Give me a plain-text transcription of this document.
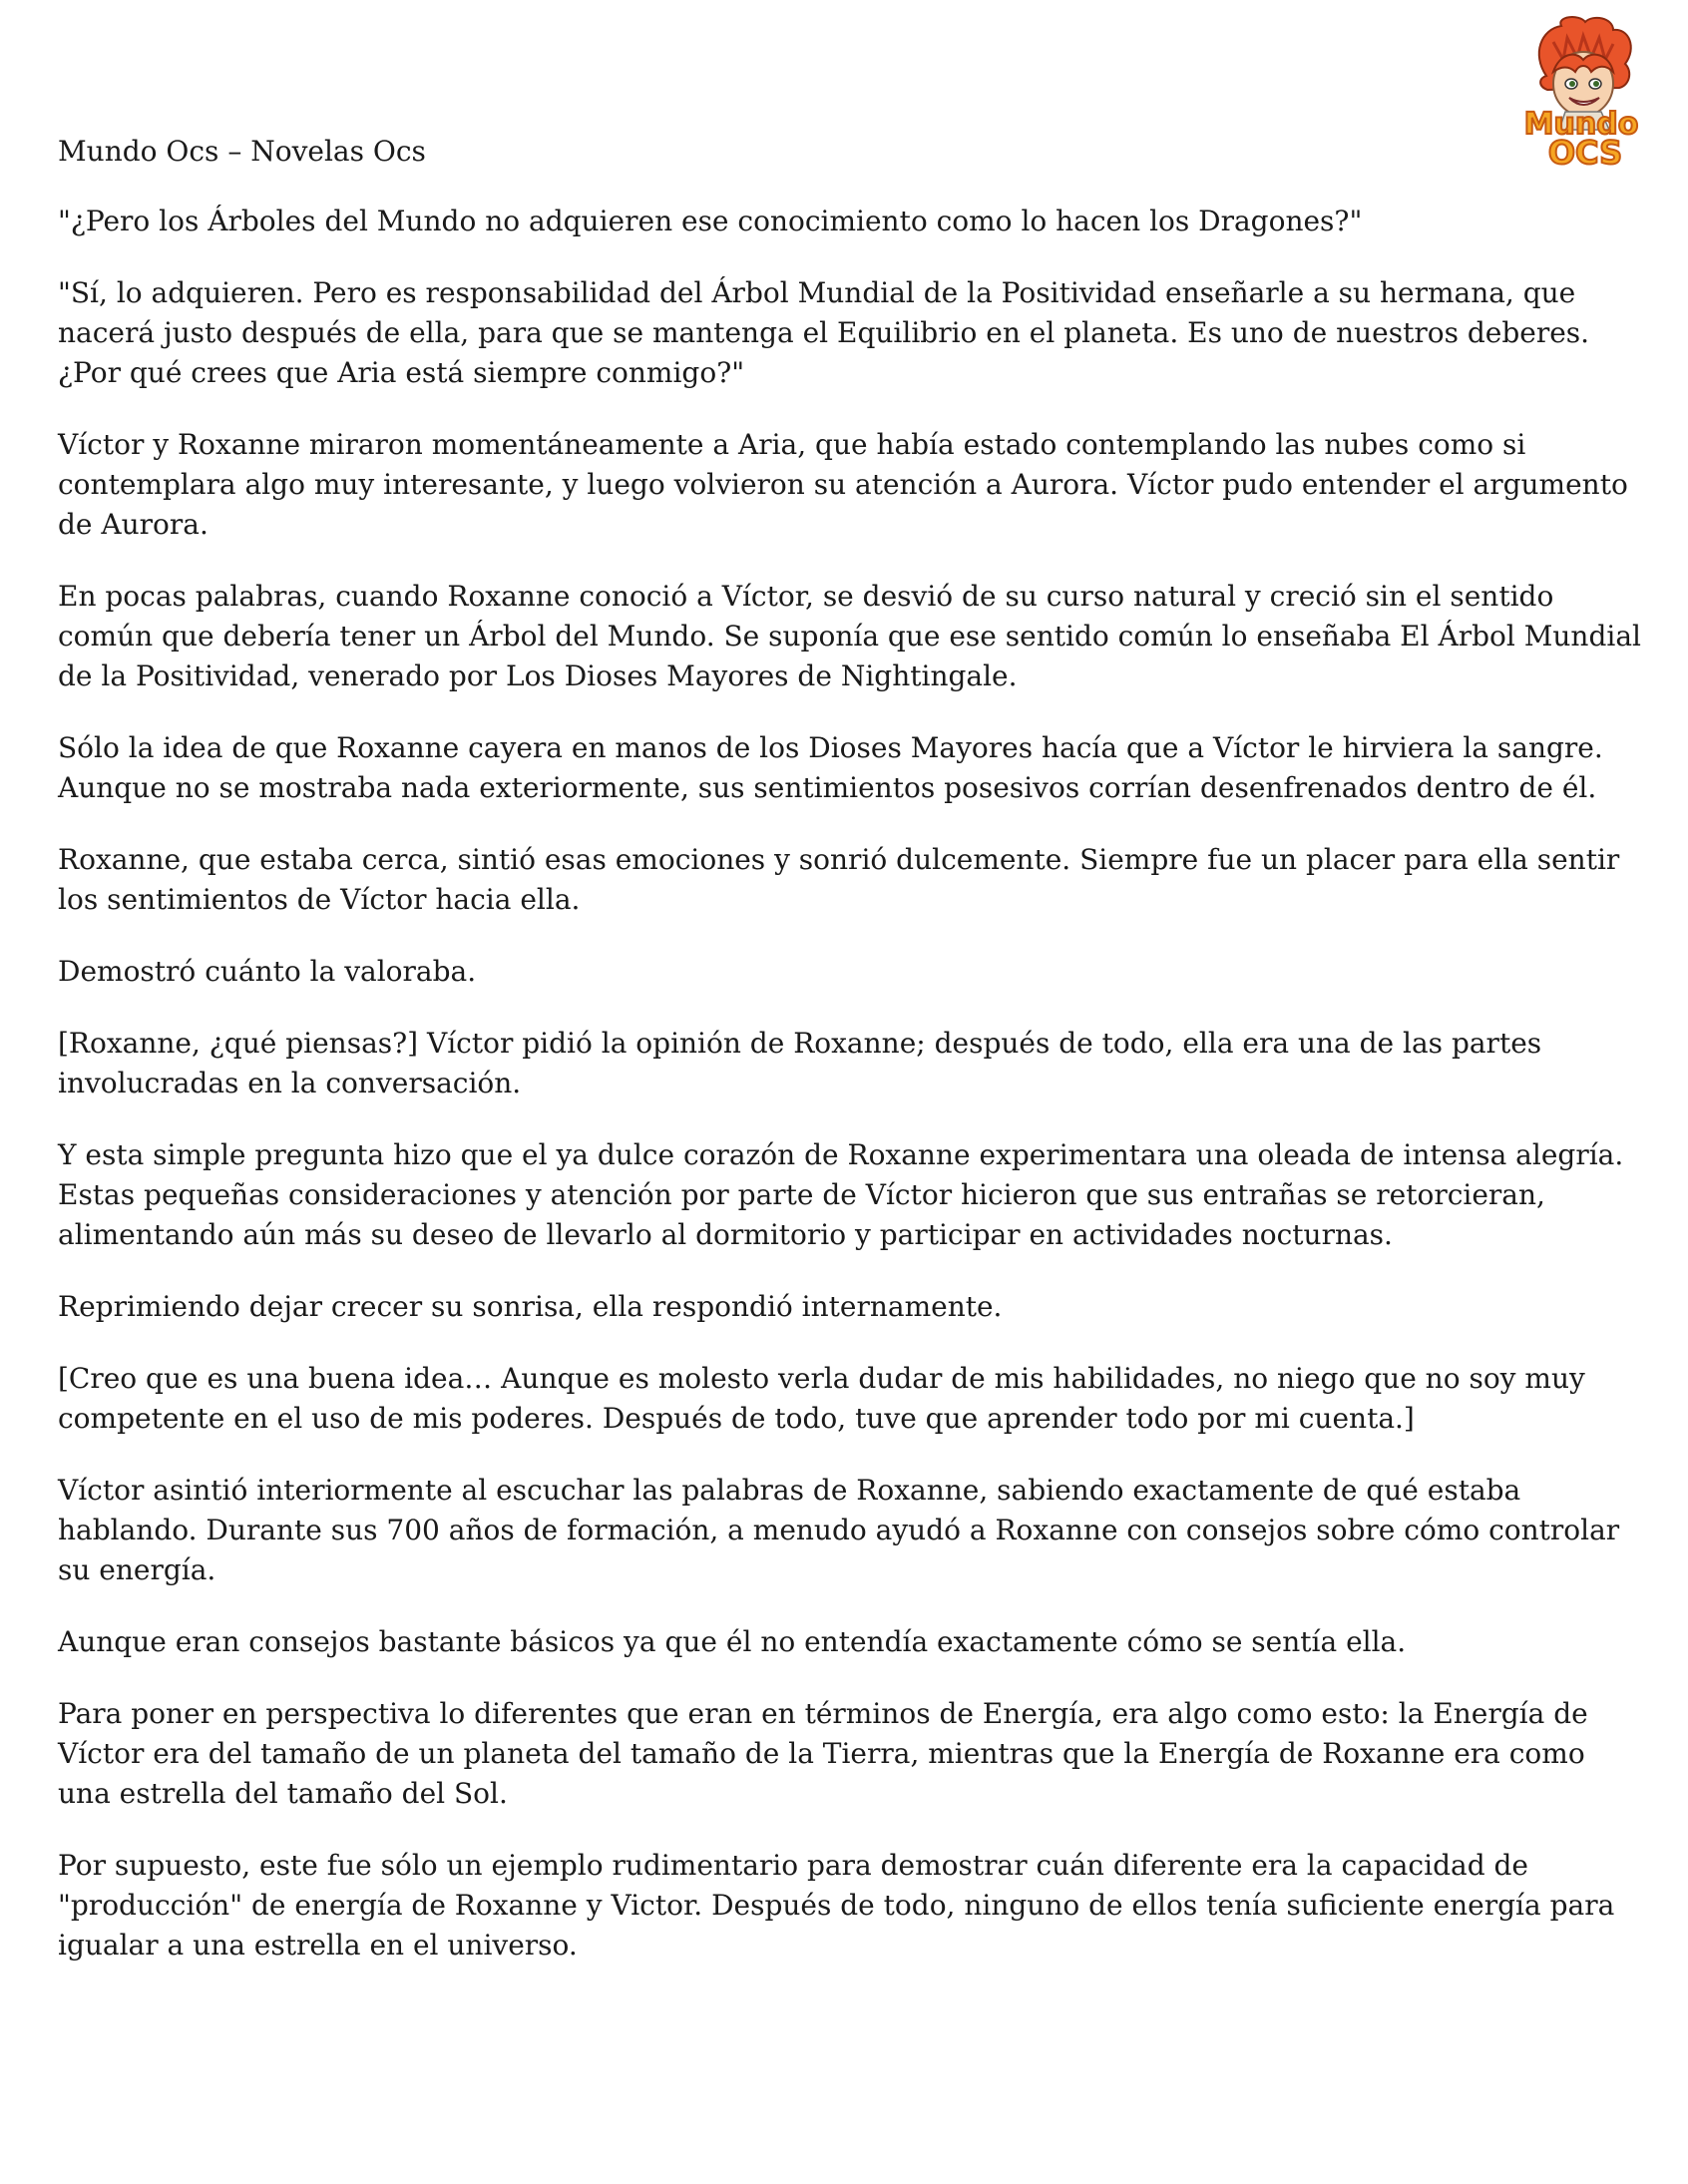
Mundo Ocs – Novelas Ocs
Mundo
OCS

"¿Pero los Árboles del Mundo no adquieren ese conocimiento como lo hacen los Dragones?"

"Sí, lo adquieren. Pero es responsabilidad del Árbol Mundial de la Positividad enseñarle a su hermana, que nacerá justo después de ella, para que se mantenga el Equilibrio en el planeta. Es uno de nuestros deberes. ¿Por qué crees que Aria está siempre conmigo?"

Víctor y Roxanne miraron momentáneamente a Aria, que había estado contemplando las nubes como si contemplara algo muy interesante, y luego volvieron su atención a Aurora. Víctor pudo entender el argumento de Aurora.

En pocas palabras, cuando Roxanne conoció a Víctor, se desvió de su curso natural y creció sin el sentido común que debería tener un Árbol del Mundo. Se suponía que ese sentido común lo enseñaba El Árbol Mundial de la Positividad, venerado por Los Dioses Mayores de Nightingale.

Sólo la idea de que Roxanne cayera en manos de los Dioses Mayores hacía que a Víctor le hirviera la sangre. Aunque no se mostraba nada exteriormente, sus sentimientos posesivos corrían desenfrenados dentro de él.

Roxanne, que estaba cerca, sintió esas emociones y sonrió dulcemente. Siempre fue un placer para ella sentir los sentimientos de Víctor hacia ella.

Demostró cuánto la valoraba.

[Roxanne, ¿qué piensas?] Víctor pidió la opinión de Roxanne; después de todo, ella era una de las partes involucradas en la conversación.

Y esta simple pregunta hizo que el ya dulce corazón de Roxanne experimentara una oleada de intensa alegría. Estas pequeñas consideraciones y atención por parte de Víctor hicieron que sus entrañas se retorcieran, alimentando aún más su deseo de llevarlo al dormitorio y participar en actividades nocturnas.

Reprimiendo dejar crecer su sonrisa, ella respondió internamente.

[Creo que es una buena idea… Aunque es molesto verla dudar de mis habilidades, no niego que no soy muy competente en el uso de mis poderes. Después de todo, tuve que aprender todo por mi cuenta.]

Víctor asintió interiormente al escuchar las palabras de Roxanne, sabiendo exactamente de qué estaba hablando. Durante sus 700 años de formación, a menudo ayudó a Roxanne con consejos sobre cómo controlar su energía.

Aunque eran consejos bastante básicos ya que él no entendía exactamente cómo se sentía ella.

Para poner en perspectiva lo diferentes que eran en términos de Energía, era algo como esto: la Energía de Víctor era del tamaño de un planeta del tamaño de la Tierra, mientras que la Energía de Roxanne era como una estrella del tamaño del Sol.

Por supuesto, este fue sólo un ejemplo rudimentario para demostrar cuán diferente era la capacidad de "producción" de energía de Roxanne y Victor. Después de todo, ninguno de ellos tenía suficiente energía para igualar a una estrella en el universo.
